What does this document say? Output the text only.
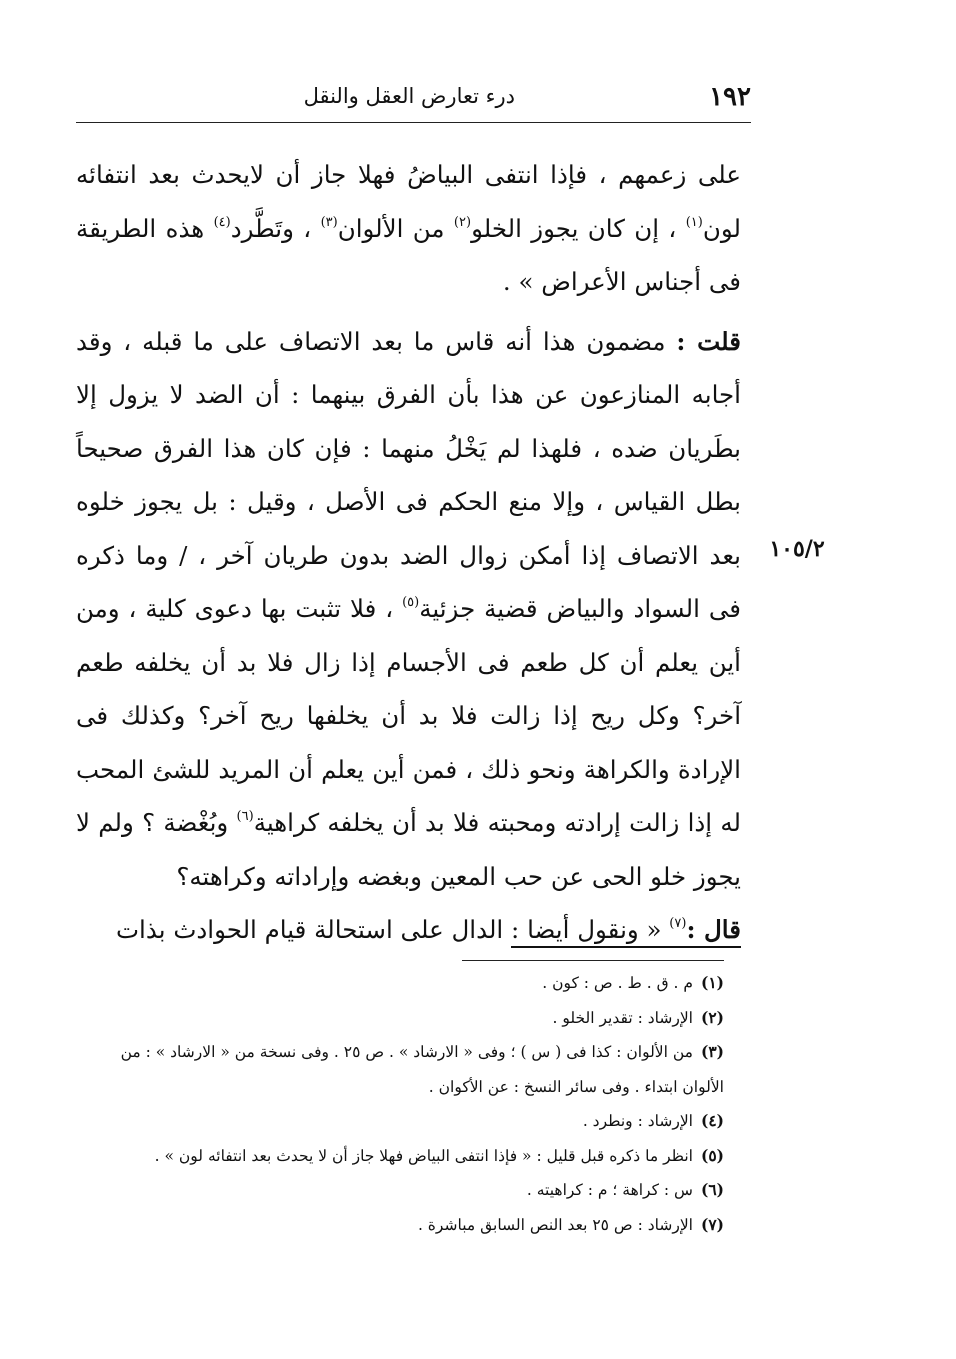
١٩٢
درء تعارض العقل والنقل
١٠٥/٢

على زعمهم ، فإذا انتفى البياضُ فهلا جاز أن لايحدث بعد انتفائه لون$^{(١)}$ ، إن كان يجوز الخلو$^{(٢)}$ من الألوان$^{(٣)}$ ، وتَطَّرد$^{(٤)}$ هذه الطريقة فى أجناس الأعراض » .

قلت : مضمون هذا أنه قاس ما بعد الاتصاف على ما قبله ، وقد أجابه المنازعون عن هذا بأن الفرق بينهما : أن الضد لا يزول إلا بطَريان ضده ، فلهذا لم يَخْلُ منهما : فإن كان هذا الفرق صحيحاً بطل القياس ، وإلا منع الحكم فى الأصل ، وقيل : بل يجوز خلوه بعد الاتصاف إذا أمكن زوال الضد بدون طريان آخر ، / وما ذكره فى السواد والبياض قضية جزئية$^{(٥)}$ ، فلا تثبت بها دعوى كلية ، ومن أين يعلم أن كل طعم فى الأجسام إذا زال فلا بد أن يخلفه طعم آخر؟ وكل ريح إذا زالت فلا بد أن يخلفها ريح آخر؟ وكذلك فى الإرادة والكراهة ونحو ذلك ، فمن أين يعلم أن المريد للشئ المحب له إذا زالت إرادته ومحبته فلا بد أن يخلفه كراهية$^{(٦)}$ وبُغْضة ؟ ولم لا يجوز خلو الحى عن حب المعين وبغضه وإراداته وكراهته؟

قال :$^{(٧)}$ « ونقول أيضا : الدال على استحالة قيام الحوادث بذات

(١)م . ق . ط . ص : كون .

(٢)الإرشاد : تقدير الخلو .

(٣)من الألوان : كذا فى ( س ) ؛ وفى « الارشاد » . ص ٢٥ . وفى نسخة من « الارشاد » : من الألوان ابتداء . وفى سائر النسخ : عن الأكوان .

(٤)الإرشاد : ونطرد .

(٥)انظر ما ذكره قبل قليل : « فإذا انتفى البياض فهلا جاز أن لا يحدث بعد انتفائه لون » .

(٦)س : كراهة ؛ م : كراهيته .

(٧)الإرشاد : ص ٢٥ بعد النص السابق مباشرة .
